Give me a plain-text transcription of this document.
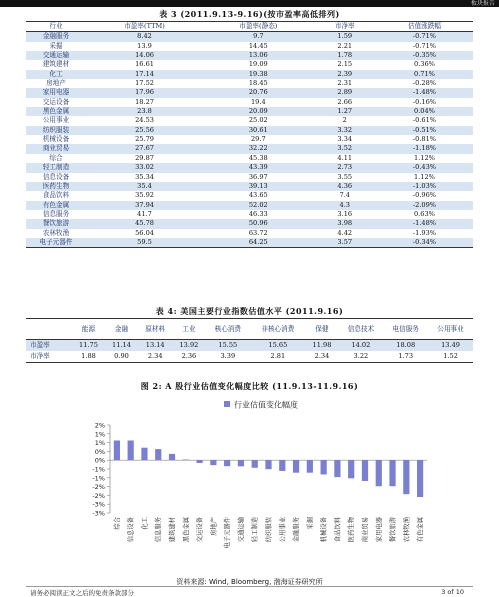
板块报告
表 3 (2011.9.13-9.16)(按市盈率高低排列)
行业	市盈率(TTM)	市盈率(静态)	市净率	估值涨跌幅
金融服务	8.42	9.7	1.59	-0.71%
采掘	13.9	14.45	2.21	-0.71%
交通运输	14.06	13.06	1.78	-0.35%
建筑建材	16.61	19.09	2.15	0.36%
化工	17.14	19.38	2.39	0.71%
房地产	17.52	18.45	2.31	-0.28%
家用电器	17.96	20.76	2.89	-1.48%
交运设备	18.27	19.4	2.66	-0.16%
黑色金属	23.8	20.09	1.27	0.04%
公用事业	24.53	25.02	2	-0.61%
纺织服装	25.56	30.61	3.32	-0.51%
机械设备	25.79	29.7	3.34	-0.81%
商业贸易	27.67	32.22	3.52	-1.18%
综合	29.87	45.38	4.11	1.12%
轻工制造	33.02	43.39	2.73	-0.43%
信息设备	35.34	36.97	3.55	1.12%
医药生物	35.4	39.13	4.36	-1.03%
食品饮料	35.92	43.65	7.4	-0.96%
有色金属	37.94	52.02	4.3	-2.09%
信息服务	41.7	46.33	3.16	0.63%
餐饮旅游	45.78	50.96	3.98	-1.48%
农林牧渔	56.04	63.72	4.42	-1.93%
电子元器件	59.5	64.25	3.57	-0.34%
表 4: 美国主要行业指数估值水平 (2011.9.16)
	能源	金融	原材料	工业	核心消费	非核心消费	保健	信息技术	电信服务	公用事业
市盈率	11.75	11.14	13.14	13.92	15.55	15.65	11.98	14.02	18.08	13.49
市净率	1.88	0.90	2.34	2.36	3.39	2.81	2.34	3.22	1.73	1.52
图 2: A 股行业估值变化幅度比较 (11.9.13-11.9.16)
行业估值变化幅度
2%
1%
1%
0%
0%
-1%
-1%
-2%
-2%
-3%
-3%
综合	信息设备	化工	信息服务	建筑建材	黑色金属	交运设备	房地产	电子元器件	交通运输	轻工制造	纺织服装	公用事业	金融服务	采掘	机械设备	食品饮料	医药生物	商业贸易	家用电器	餐饮旅游	农林牧渔	有色金属
资料来源: Wind, Bloomberg, 渤海证券研究所
请务必阅读正文之后的免责条款部分	3 of 10
